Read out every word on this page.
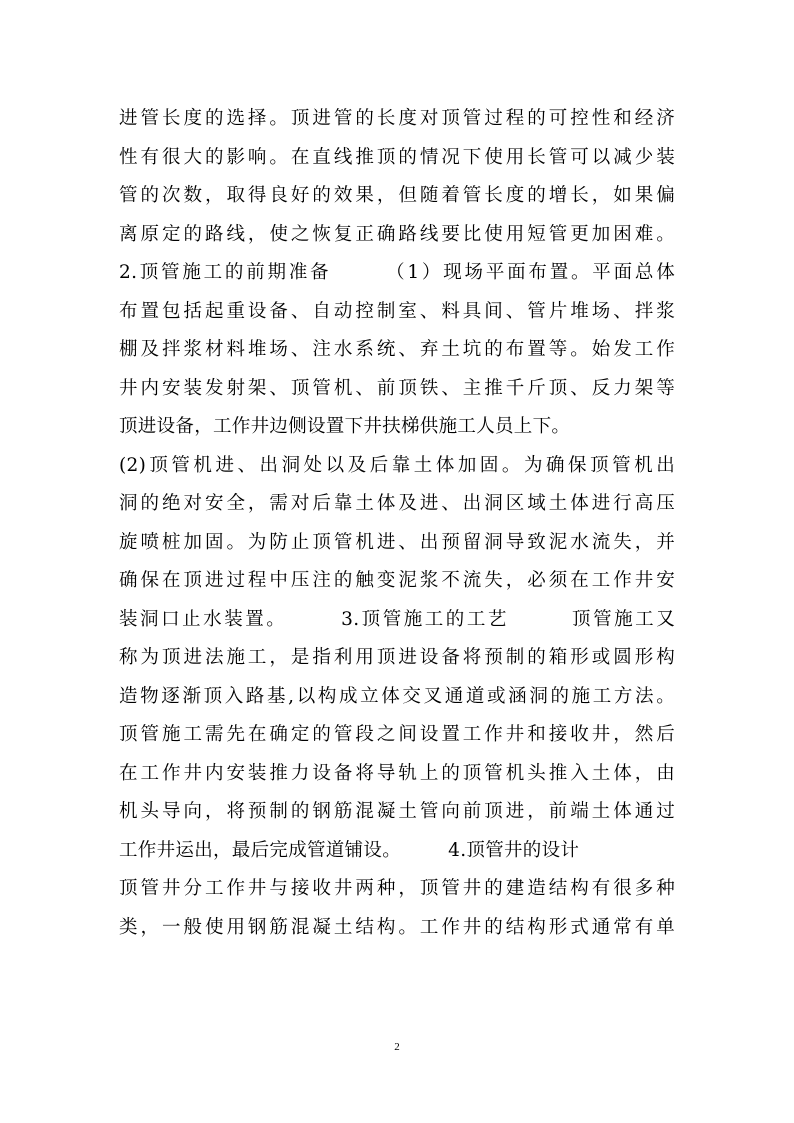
进管长度的选择。顶进管的长度对顶管过程的可控性和经济
性有很大的影响。在直线推顶的情况下使用长管可以减少装
管的次数，取得良好的效果，但随着管长度的增长，如果偏
离原定的路线，使之恢复正确路线要比使用短管更加困难。
2.顶管施工的前期准备　　　（1）现场平面布置。平面总体
布置包括起重设备、自动控制室、料具间、管片堆场、拌浆
棚及拌浆材料堆场、注水系统、弃土坑的布置等。始发工作
井内安装发射架、顶管机、前顶铁、主推千斤顶、反力架等
顶进设备，工作井边侧设置下井扶梯供施工人员上下。
(2)顶管机进、出洞处以及后靠土体加固。为确保顶管机出
洞的绝对安全，需对后靠土体及进、出洞区域土体进行高压
旋喷桩加固。为防止顶管机进、出预留洞导致泥水流失，并
确保在顶进过程中压注的触变泥浆不流失，必须在工作井安
装洞口止水装置。　　　3.顶管施工的工艺　　　顶管施工又
称为顶进法施工，是指利用顶进设备将预制的箱形或圆形构
造物逐渐顶入路基,以构成立体交叉通道或涵洞的施工方法。
顶管施工需先在确定的管段之间设置工作井和接收井，然后
在工作井内安装推力设备将导轨上的顶管机头推入土体，由
机头导向，将预制的钢筋混凝土管向前顶进，前端土体通过
工作井运出，最后完成管道铺设。　　　4.顶管井的设计
顶管井分工作井与接收井两种，顶管井的建造结构有很多种
类，一般使用钢筋混凝土结构。工作井的结构形式通常有单
2
